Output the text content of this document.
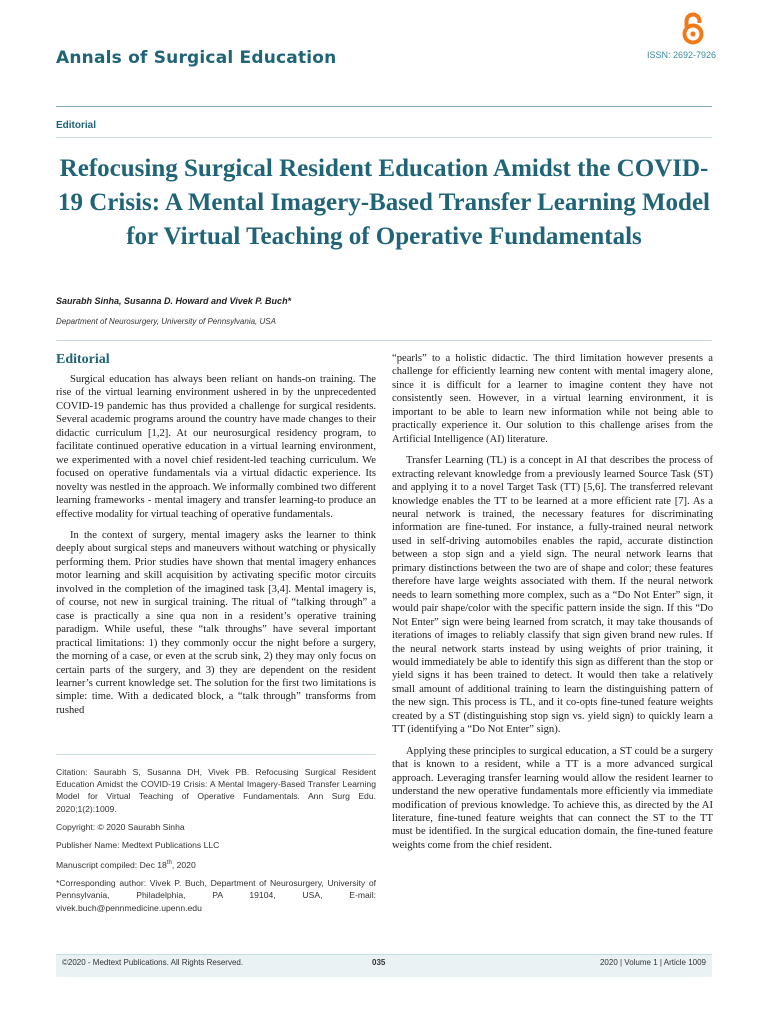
Annals of Surgical Education	ISSN: 2692-7926
Editorial
Refocusing Surgical Resident Education Amidst the COVID-19 Crisis: A Mental Imagery-Based Transfer Learning Model for Virtual Teaching of Operative Fundamentals
Saurabh Sinha, Susanna D. Howard and Vivek P. Buch*
Department of Neurosurgery, University of Pennsylvania, USA
Editorial

Surgical education has always been reliant on hands-on training. The rise of the virtual learning environment ushered in by the unprecedented COVID-19 pandemic has thus provided a challenge for surgical residents. Several academic programs around the country have made changes to their didactic curriculum [1,2]. At our neurosurgical residency program, to facilitate continued operative education in a virtual learning environment, we experimented with a novel chief resident-led teaching curriculum. We focused on operative fundamentals via a virtual didactic experience. Its novelty was nestled in the approach. We informally combined two different learning frameworks - mental imagery and transfer learning-to produce an effective modality for virtual teaching of operative fundamentals.

In the context of surgery, mental imagery asks the learner to think deeply about surgical steps and maneuvers without watching or physically performing them. Prior studies have shown that mental imagery enhances motor learning and skill acquisition by activating specific motor circuits involved in the completion of the imagined task [3,4]. Mental imagery is, of course, not new in surgical training. The ritual of “talking through” a case is practically a sine qua non in a resident’s operative training paradigm. While useful, these “talk throughs” have several important practical limitations: 1) they commonly occur the night before a surgery, the morning of a case, or even at the scrub sink, 2) they may only focus on certain parts of the surgery, and 3) they are dependent on the resident learner’s current knowledge set. The solution for the first two limitations is simple: time. With a dedicated block, a “talk through” transforms from rushed

Citation: Saurabh S, Susanna DH, Vivek PB. Refocusing Surgical Resident Education Amidst the COVID-19 Crisis: A Mental Imagery-Based Transfer Learning Model for Virtual Teaching of Operative Fundamentals. Ann Surg Edu. 2020;1(2):1009.

Copyright: © 2020 Saurabh Sinha

Publisher Name: Medtext Publications LLC

Manuscript compiled: Dec 18th, 2020

*Corresponding author: Vivek P. Buch, Department of Neurosurgery, University of Pennsylvania, Philadelphia, PA 19104, USA, E-mail: vivek.buch@pennmedicine.upenn.edu

“pearls” to a holistic didactic. The third limitation however presents a challenge for efficiently learning new content with mental imagery alone, since it is difficult for a learner to imagine content they have not consistently seen. However, in a virtual learning environment, it is important to be able to learn new information while not being able to practically experience it. Our solution to this challenge arises from the Artificial Intelligence (AI) literature.

Transfer Learning (TL) is a concept in AI that describes the process of extracting relevant knowledge from a previously learned Source Task (ST) and applying it to a novel Target Task (TT) [5,6]. The transferred relevant knowledge enables the TT to be learned at a more efficient rate [7]. As a neural network is trained, the necessary features for discriminating information are fine-tuned. For instance, a fully-trained neural network used in self-driving automobiles enables the rapid, accurate distinction between a stop sign and a yield sign. The neural network learns that primary distinctions between the two are of shape and color; these features therefore have large weights associated with them. If the neural network needs to learn something more complex, such as a “Do Not Enter” sign, it would pair shape/color with the specific pattern inside the sign. If this “Do Not Enter” sign were being learned from scratch, it may take thousands of iterations of images to reliably classify that sign given brand new rules. If the neural network starts instead by using weights of prior training, it would immediately be able to identify this sign as different than the stop or yield signs it has been trained to detect. It would then take a relatively small amount of additional training to learn the distinguishing pattern of the new sign. This process is TL, and it co-opts fine-tuned feature weights created by a ST (distinguishing stop sign vs. yield sign) to quickly learn a TT (identifying a “Do Not Enter” sign).

Applying these principles to surgical education, a ST could be a surgery that is known to a resident, while a TT is a more advanced surgical approach. Leveraging transfer learning would allow the resident learner to understand the new operative fundamentals more efficiently via immediate modification of previous knowledge. To achieve this, as directed by the AI literature, fine-tuned feature weights that can connect the ST to the TT must be identified. In the surgical education domain, the fine-tuned feature weights come from the chief resident.

©2020 - Medtext Publications. All Rights Reserved.	035	2020 | Volume 1 | Article 1009
